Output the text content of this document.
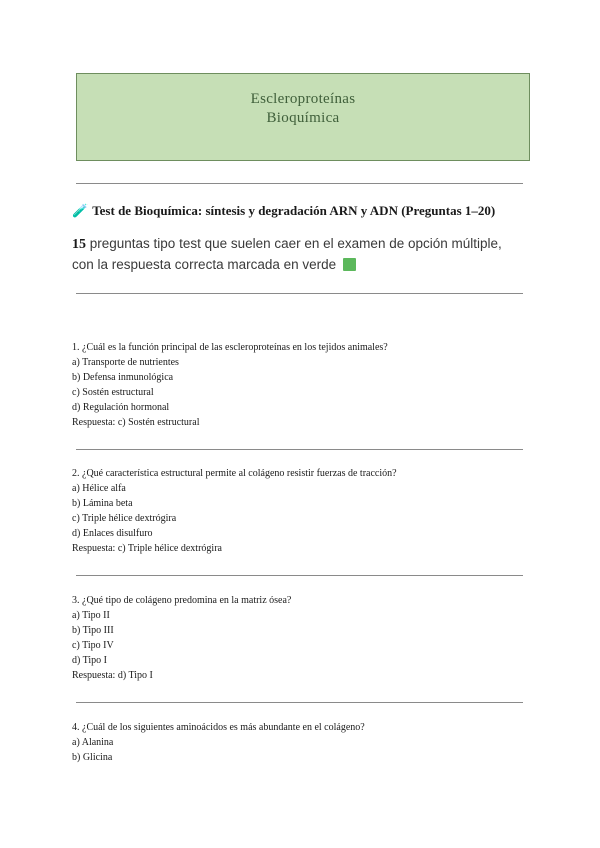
Escleroproteínas
Bioquímica
🧪 Test de Bioquímica: síntesis y degradación ARN y ADN (Preguntas 1–20)
15 preguntas tipo test que suelen caer en el examen de opción múltiple, con la respuesta correcta marcada en verde
1. ¿Cuál es la función principal de las escleroproteínas en los tejidos animales?
a) Transporte de nutrientes
b) Defensa inmunológica
c) Sostén estructural
d) Regulación hormonal
Respuesta: c) Sostén estructural
2. ¿Qué característica estructural permite al colágeno resistir fuerzas de tracción?
a) Hélice alfa
b) Lámina beta
c) Triple hélice dextrógira
d) Enlaces disulfuro
Respuesta: c) Triple hélice dextrógira
3. ¿Qué tipo de colágeno predomina en la matriz ósea?
a) Tipo II
b) Tipo III
c) Tipo IV
d) Tipo I
Respuesta: d) Tipo I
4. ¿Cuál de los siguientes aminoácidos es más abundante en el colágeno?
a) Alanina
b) Glicina
